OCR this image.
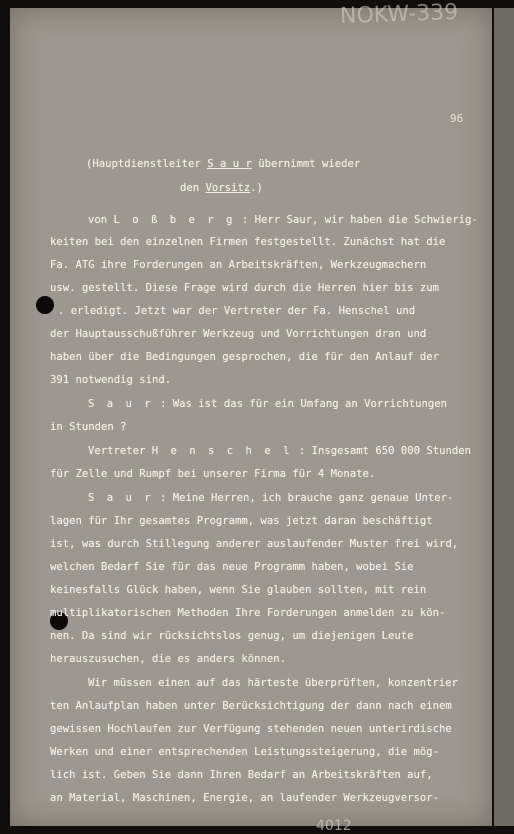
NOKW-339
96
(Hauptdienstleiter S a u r übernimmt wieder
den Vorsitz.)
von L o ß b e r g : Herr Saur, wir haben die Schwierig-
keiten bei den einzelnen Firmen festgestellt. Zunächst hat die
Fa. ATG ihre Forderungen an Arbeitskräften, Werkzeugmachern
usw. gestellt. Diese Frage wird durch die Herren hier bis zum
. erledigt. Jetzt war der Vertreter der Fa. Henschel und
der Hauptausschußführer Werkzeug und Vorrichtungen dran und
haben über die Bedingungen gesprochen, die für den Anlauf der
391 notwendig sind.
S a u r : Was ist das für ein Umfang an Vorrichtungen
in Stunden ?
Vertreter H e n s c h e l : Insgesamt 650 000 Stunden
für Zelle und Rumpf bei unserer Firma für 4 Monate.
S a u r : Meine Herren, ich brauche ganz genaue Unter-
lagen für Ihr gesamtes Programm, was jetzt daran beschäftigt
ist, was durch Stillegung anderer auslaufender Muster frei wird,
welchen Bedarf Sie für das neue Programm haben, wobei Sie
keinesfalls Glück haben, wenn Sie glauben sollten, mit rein
multiplikatorischen Methoden Ihre Forderungen anmelden zu kön-
nen. Da sind wir rücksichtslos genug, um diejenigen Leute
herauszusuchen, die es anders können.
Wir müssen einen auf das härteste überprüften, konzentrier
ten Anlaufplan haben unter Berücksichtigung der dann nach einem
gewissen Hochlaufen zur Verfügung stehenden neuen unterirdische
Werken und einer entsprechenden Leistungssteigerung, die mög-
lich ist. Geben Sie dann Ihren Bedarf an Arbeitskräften auf,
an Material, Maschinen, Energie, an laufender Werkzeugversor-
4012
